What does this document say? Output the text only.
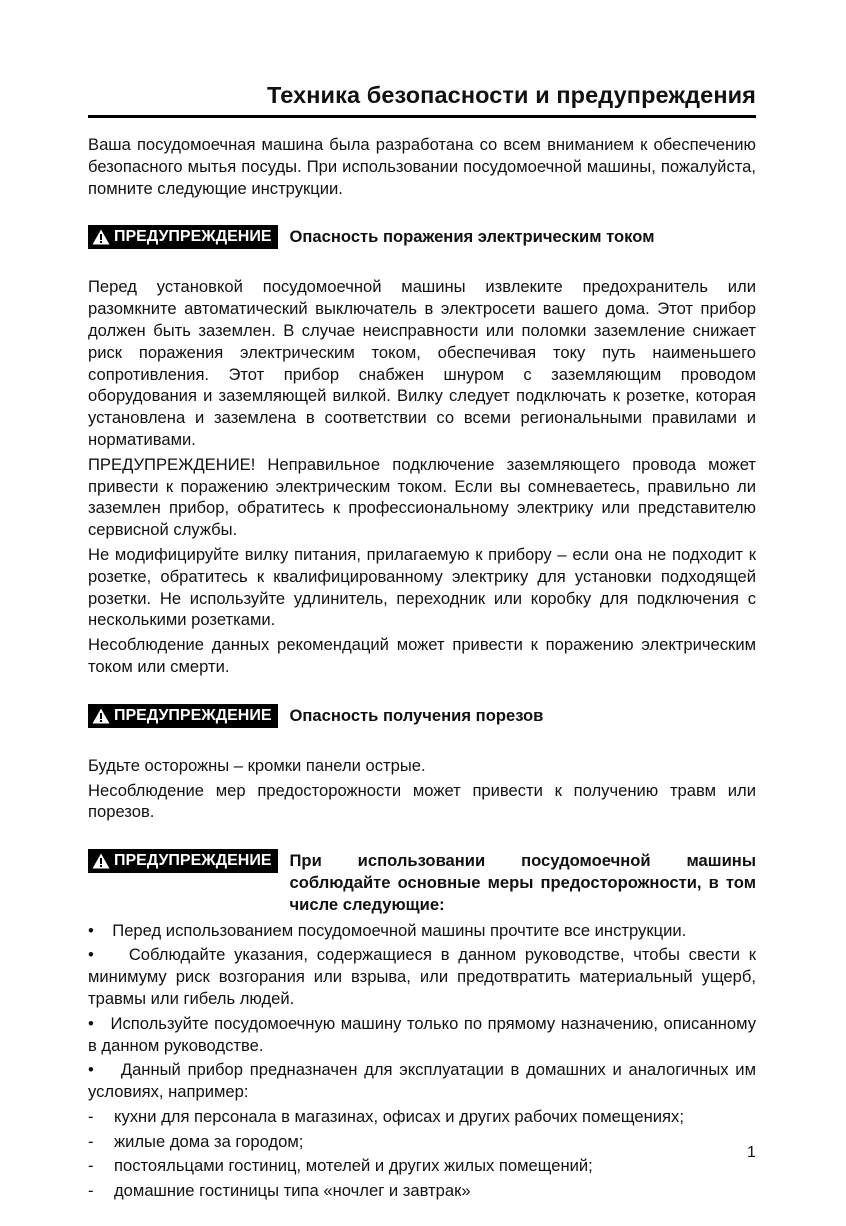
Техника безопасности и предупреждения

Ваша посудомоечная машина была разработана со всем вниманием к обеспечению безопасного мытья посуды. При использовании посудомоечной машины, пожалуйста, помните следующие инструкции.

ПРЕДУПРЕЖДЕНИЕ Опасность поражения электрическим током

Перед установкой посудомоечной машины извлеките предохранитель или разомкните автоматический выключатель в электросети вашего дома. Этот прибор должен быть заземлен. В случае неисправности или поломки заземление снижает риск поражения электрическим током, обеспечивая току путь наименьшего сопротивления. Этот прибор снабжен шнуром с заземляющим проводом оборудования и заземляющей вилкой. Вилку следует подключать к розетке, которая установлена и заземлена в соответствии со всеми региональными правилами и нормативами.

ПРЕДУПРЕЖДЕНИЕ! Неправильное подключение заземляющего провода может привести к поражению электрическим током. Если вы сомневаетесь, правильно ли заземлен прибор, обратитесь к профессиональному электрику или представителю сервисной службы.

Не модифицируйте вилку питания, прилагаемую к прибору – если она не подходит к розетке, обратитесь к квалифицированному электрику для установки подходящей розетки. Не используйте удлинитель, переходник или коробку для подключения с несколькими розетками.

Несоблюдение данных рекомендаций может привести к поражению электрическим током или смерти.

ПРЕДУПРЕЖДЕНИЕ Опасность получения порезов

Будьте осторожны – кромки панели острые.

Несоблюдение мер предосторожности может привести к получению травм или порезов.

ПРЕДУПРЕЖДЕНИЕ При использовании посудомоечной машины соблюдайте основные меры предосторожности, в том числе следующие:

•    Перед использованием посудомоечной машины прочтите все инструкции.

•    Соблюдайте указания, содержащиеся в данном руководстве, чтобы свести к минимуму риск возгорания или взрыва, или предотвратить материальный ущерб, травмы или гибель людей.

•   Используйте посудомоечную машину только по прямому назначению, описанному в данном руководстве.

•    Данный прибор предназначен для эксплуатации в домашних и аналогичных им условиях, например:

-	кухни для персонала в магазинах, офисах и других рабочих помещениях;
-	жилые дома за городом;
-	постояльцами гостиниц, мотелей и других жилых помещений;
-	домашние гостиницы типа «ночлег и завтрак»
1
